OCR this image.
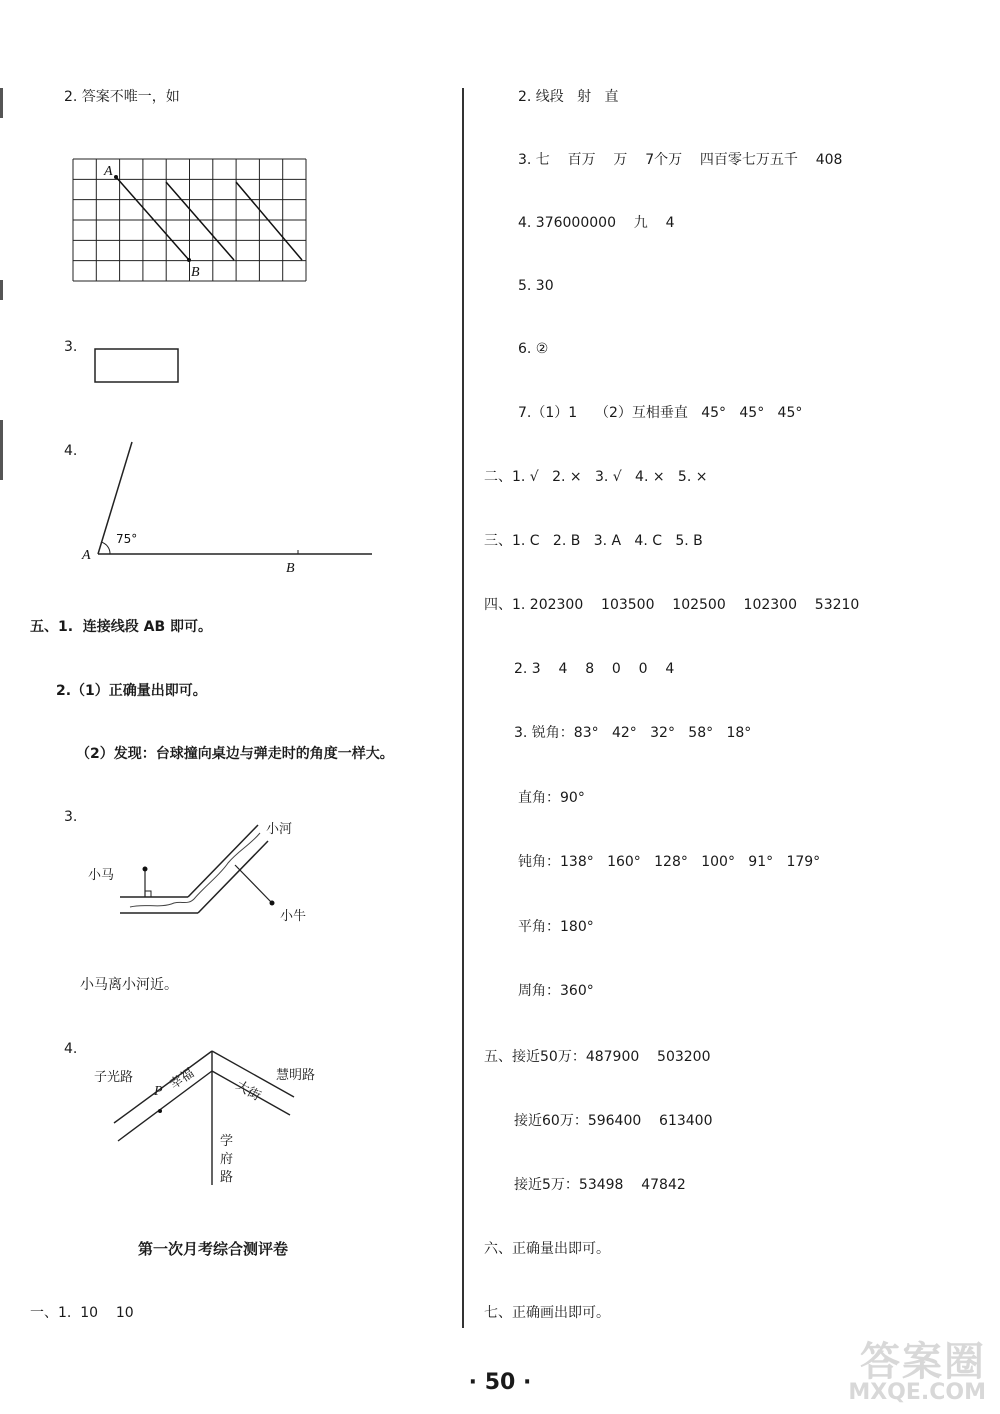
2. 答案不唯一，如
A
B
3.
4.
A
B
75°
五、1.  连接线段 AB 即可。
2.（1）正确量出即可。
（2）发现：台球撞向桌边与弹走时的角度一样大。
3.
小河
小马
小牛
小马离小河近。
4.
子光路	慧明路
幸福	大街
P
学
府
路
第一次月考综合测评卷
一、1.  10    10
2. 线段   射   直
3. 七    百万    万    7个万    四百零七万五千    408
4. 376000000    九    4
5. 30
6. ②
7.（1）1    （2）互相垂直   45°   45°   45°
二、1. √   2. ×   3. √   4. ×   5. ×
三、1. C   2. B   3. A   4. C   5. B
四、1. 202300    103500    102500    102300    53210
2. 3    4    8    0    0    4
3. 锐角：83°   42°   32°   58°   18°
直角：90°
钝角：138°   160°   128°   100°   91°   179°
平角：180°
周角：360°
五、接近50万：487900    503200
接近60万：596400    613400
接近5万：53498    47842
六、正确量出即可。
七、正确画出即可。
· 50 ·	答案圈
MXQE.COM
